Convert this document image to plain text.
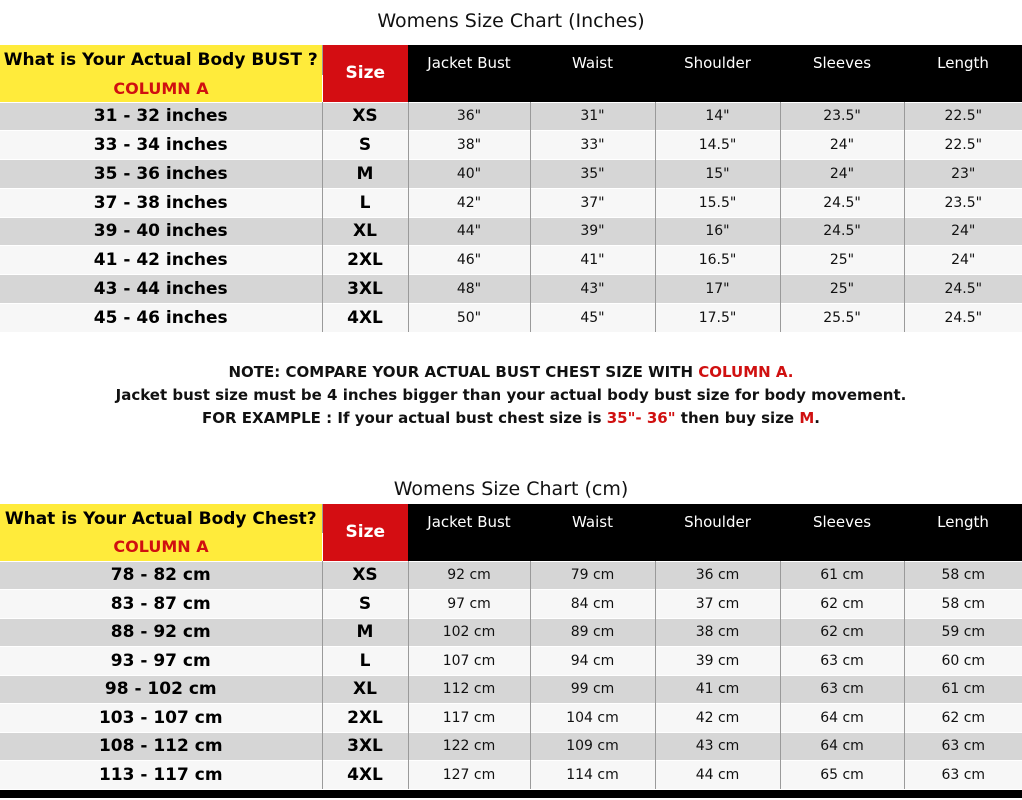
Womens Size Chart (Inches)
What is Your Actual Body BUST ?	Size	Jacket Bust	Waist	Shoulder	Sleeves	Length
COLUMN A						
31 - 32 inches	XS	36"	31"	14"	23.5"	22.5"
33 - 34 inches	S	38"	33"	14.5"	24"	22.5"
35 - 36 inches	M	40"	35"	15"	24"	23"
37 - 38 inches	L	42"	37"	15.5"	24.5"	23.5"
39 - 40 inches	XL	44"	39"	16"	24.5"	24"
41 - 42 inches	2XL	46"	41"	16.5"	25"	24"
43 - 44 inches	3XL	48"	43"	17"	25"	24.5"
45 - 46 inches	4XL	50"	45"	17.5"	25.5"	24.5"
NOTE: COMPARE YOUR ACTUAL BUST CHEST SIZE WITH COLUMN A.
Jacket bust size must be 4 inches bigger than your actual body bust size for body movement.
FOR EXAMPLE : If your actual bust chest size is 35"- 36" then buy size M.
Womens Size Chart (cm)
What is Your Actual Body Chest?	Size	Jacket Bust	Waist	Shoulder	Sleeves	Length
COLUMN A						
78 - 82 cm	XS	92 cm	79 cm	36 cm	61 cm	58 cm
83 - 87 cm	S	97 cm	84 cm	37 cm	62 cm	58 cm
88 - 92 cm	M	102 cm	89 cm	38 cm	62 cm	59 cm
93 - 97 cm	L	107 cm	94 cm	39 cm	63 cm	60 cm
98 - 102 cm	XL	112 cm	99 cm	41 cm	63 cm	61 cm
103 - 107 cm	2XL	117 cm	104 cm	42 cm	64 cm	62 cm
108 - 112 cm	3XL	122 cm	109 cm	43 cm	64 cm	63 cm
113 - 117 cm	4XL	127 cm	114 cm	44 cm	65 cm	63 cm
